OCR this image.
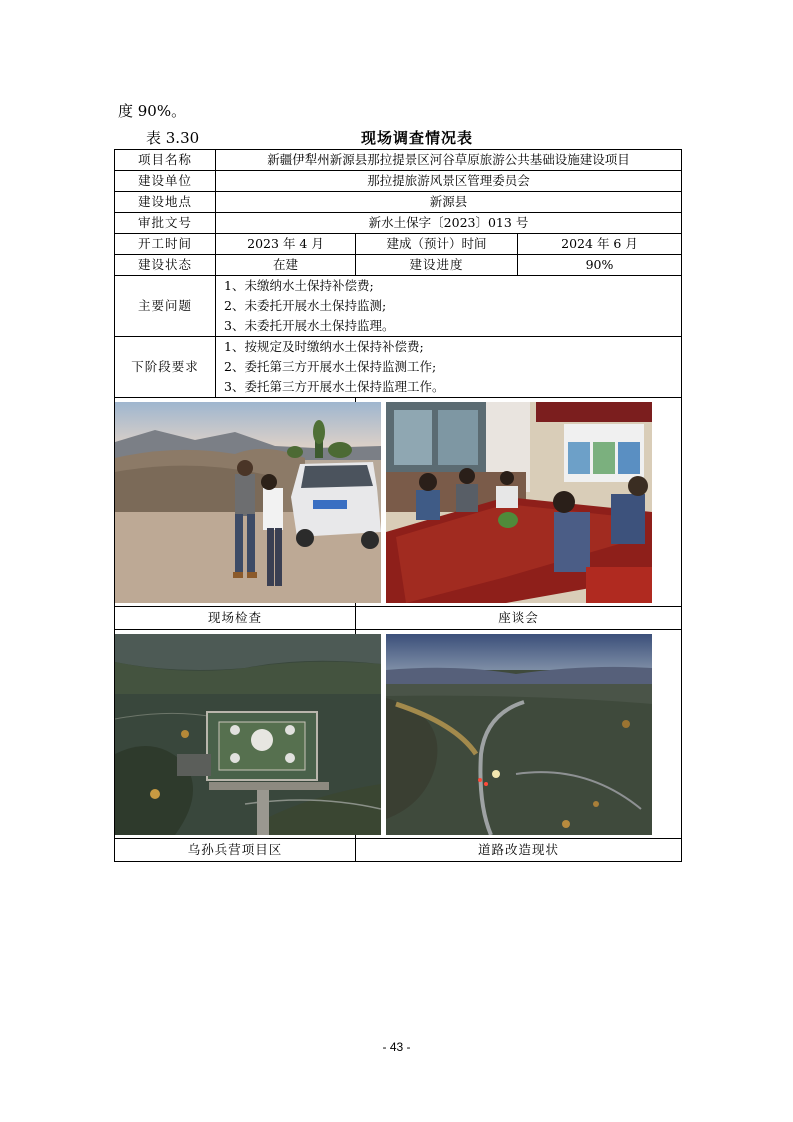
度 90%。
表 3.30	现场调查情况表
项目名称	新疆伊犁州新源县那拉提景区河谷草原旅游公共基础设施建设项目		
建设单位	那拉提旅游风景区管理委员会		
建设地点	新源县		
审批文号	新水土保字〔2023〕013 号		
开工时间	2023 年 4 月	建成（预计）时间	2024 年 6 月
建设状态	在建	建设进度	90%
主要问题	1、未缴纳水土保持补偿费;
2、未委托开展水土保持监测;
3、未委托开展水土保持监理。		

下阶段要求	1、按规定及时缴纳水土保持补偿费;
2、委托第三方开展水土保持监测工作;
3、委托第三方开展水土保持监理工作。		

现场检查		座谈会	

乌孙兵营项目区		道路改造现状	
- 43 -
